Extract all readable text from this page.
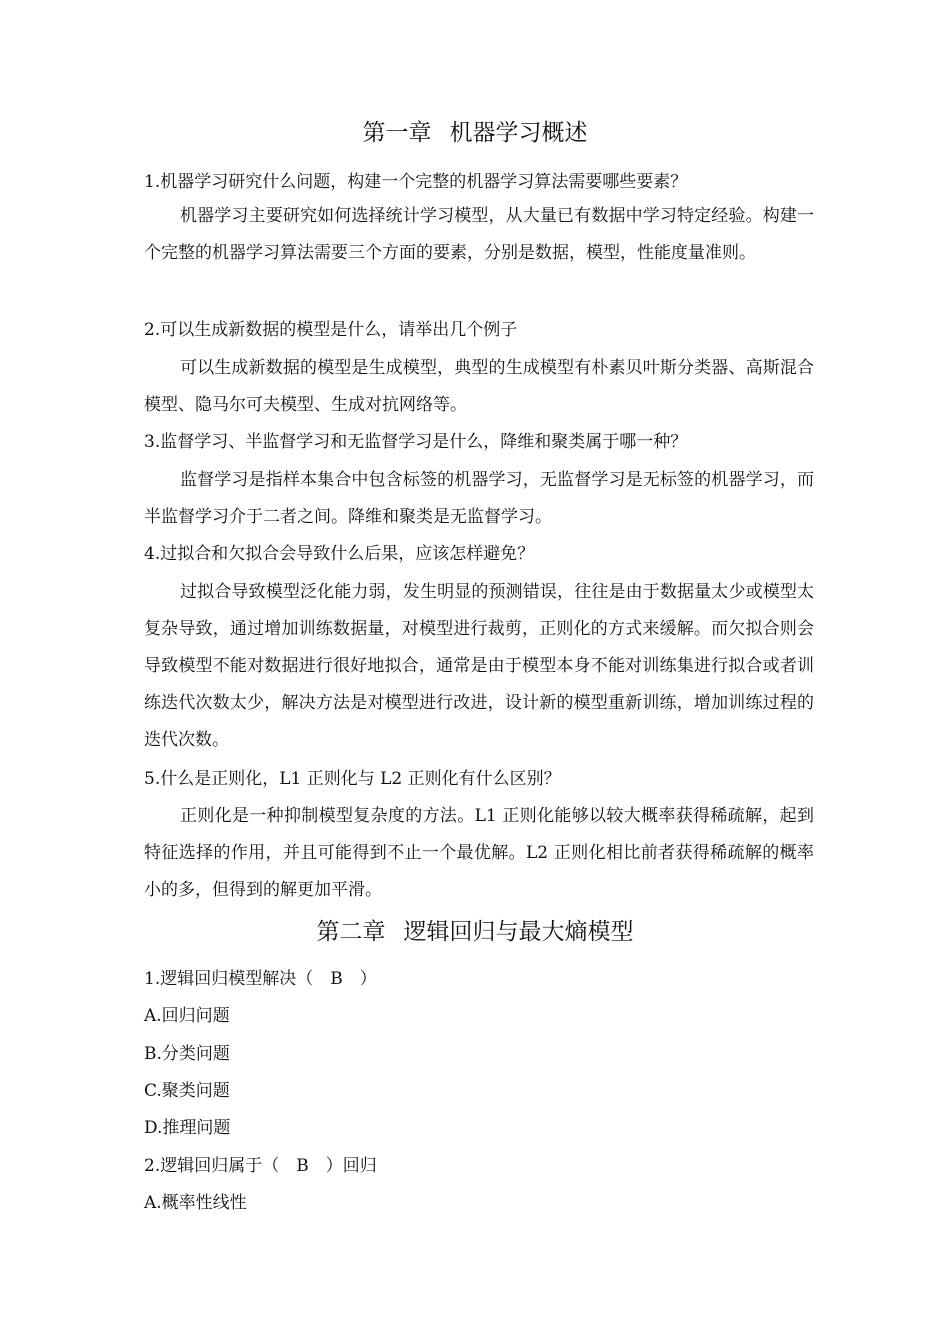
第一章 机器学习概述

1.机器学习研究什么问题，构建一个完整的机器学习算法需要哪些要素？

机器学习主要研究如何选择统计学习模型，从大量已有数据中学习特定经验。构建一个完整的机器学习算法需要三个方面的要素，分别是数据，模型，性能度量准则。

2.可以生成新数据的模型是什么，请举出几个例子

可以生成新数据的模型是生成模型，典型的生成模型有朴素贝叶斯分类器、高斯混合模型、隐马尔可夫模型、生成对抗网络等。

3.监督学习、半监督学习和无监督学习是什么，降维和聚类属于哪一种？

监督学习是指样本集合中包含标签的机器学习，无监督学习是无标签的机器学习，而半监督学习介于二者之间。降维和聚类是无监督学习。

4.过拟合和欠拟合会导致什么后果，应该怎样避免？

过拟合导致模型泛化能力弱，发生明显的预测错误，往往是由于数据量太少或模型太复杂导致，通过增加训练数据量，对模型进行裁剪，正则化的方式来缓解。而欠拟合则会导致模型不能对数据进行很好地拟合，通常是由于模型本身不能对训练集进行拟合或者训练迭代次数太少，解决方法是对模型进行改进，设计新的模型重新训练，增加训练过程的迭代次数。

5.什么是正则化，L1 正则化与 L2 正则化有什么区别？

正则化是一种抑制模型复杂度的方法。L1 正则化能够以较大概率获得稀疏解，起到特征选择的作用，并且可能得到不止一个最优解。L2 正则化相比前者获得稀疏解的概率小的多，但得到的解更加平滑。

第二章 逻辑回归与最大熵模型

1.逻辑回归模型解决（　B　）

A.回归问题

B.分类问题

C.聚类问题

D.推理问题

2.逻辑回归属于（　B　）回归

A.概率性线性
